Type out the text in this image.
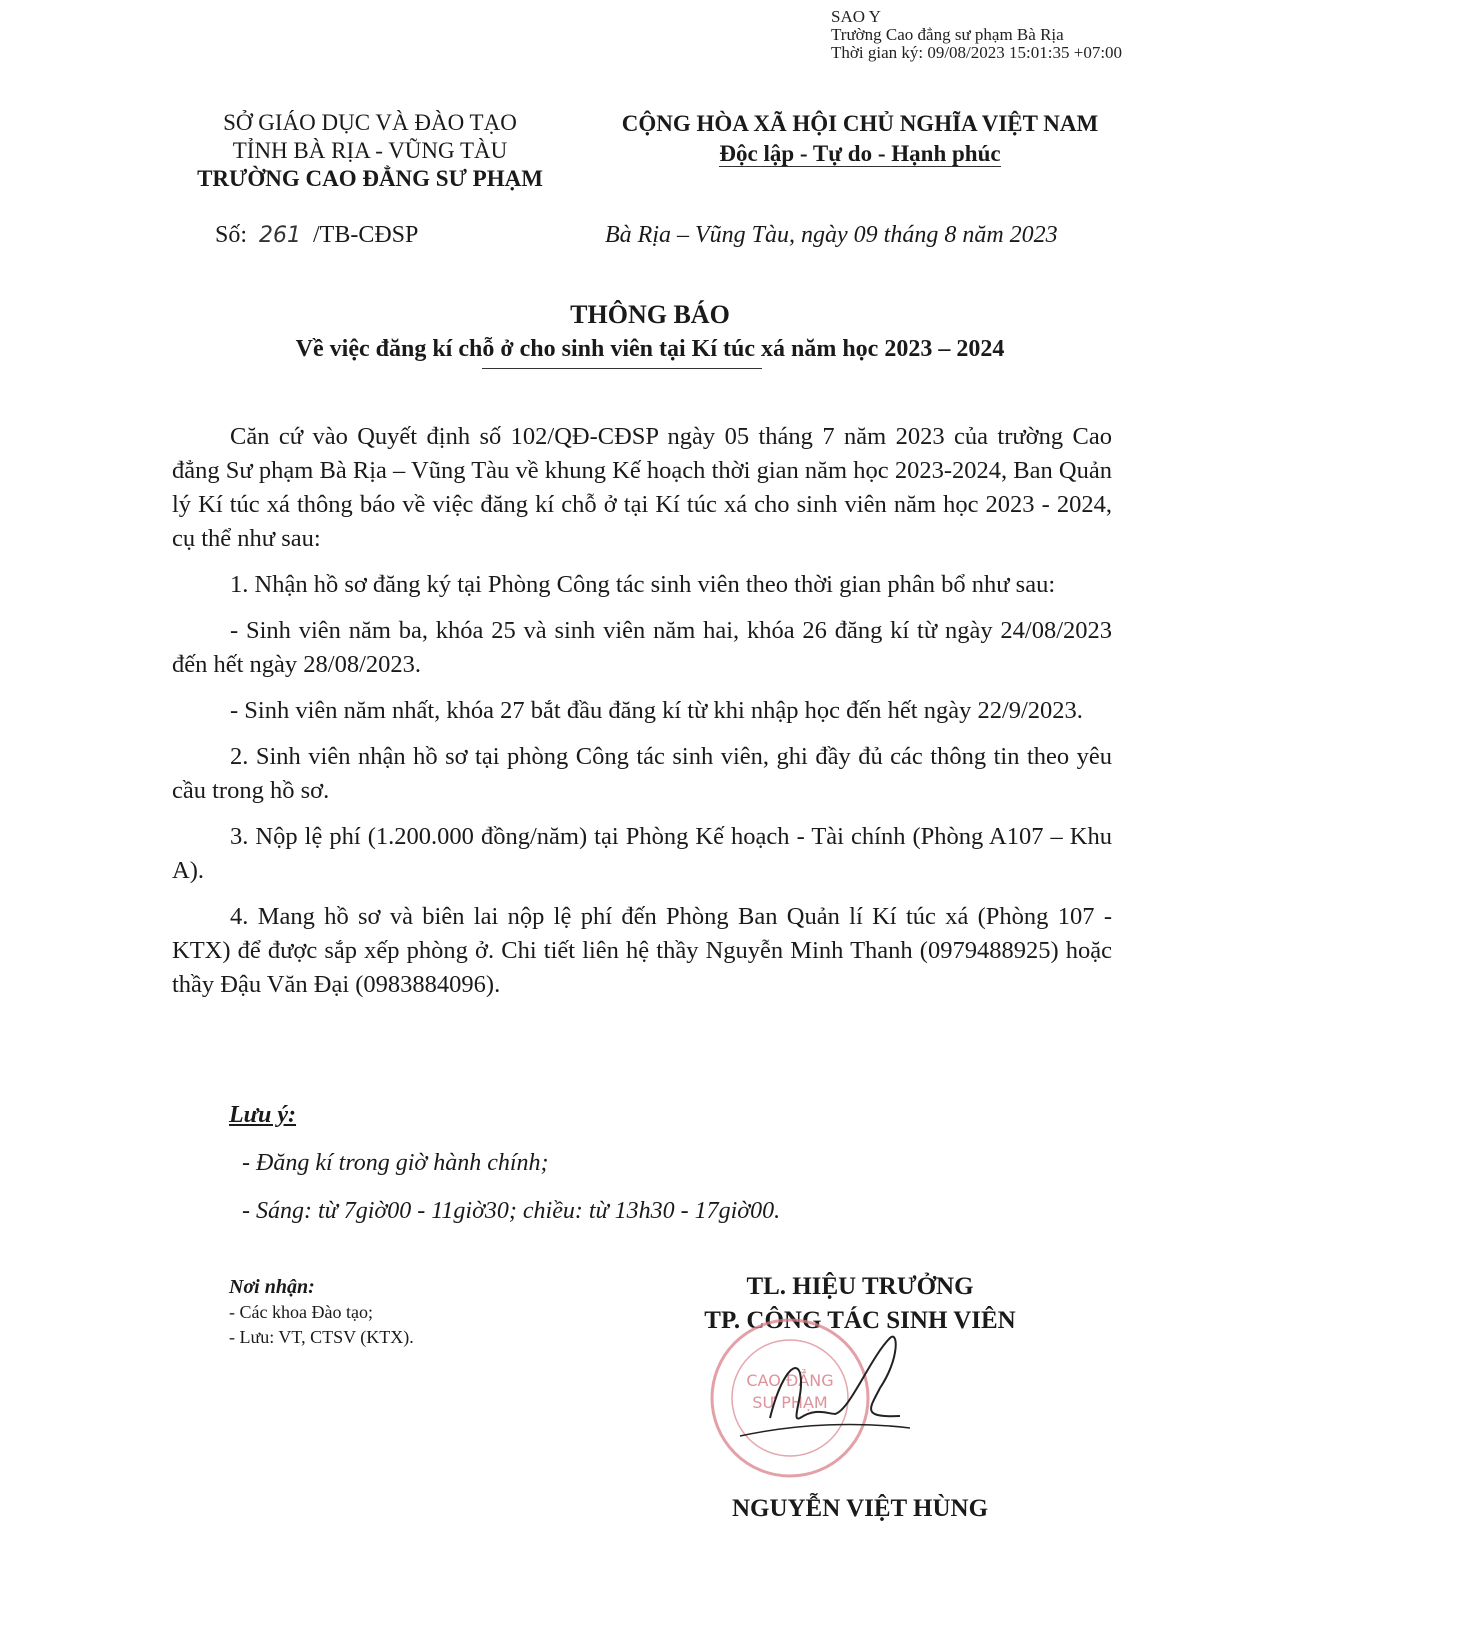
SAO Y
Trường Cao đẳng sư phạm Bà Rịa
Thời gian ký: 09/08/2023 15:01:35 +07:00
SỞ GIÁO DỤC VÀ ĐÀO TẠO
TỈNH BÀ RỊA - VŨNG TÀU
TRƯỜNG CAO ĐẲNG SƯ PHẠM
CỘNG HÒA XÃ HỘI CHỦ NGHĨA VIỆT NAM
Độc lập - Tự do - Hạnh phúc
Số: 261 /TB-CĐSP	Bà Rịa – Vũng Tàu, ngày 09 tháng 8 năm 2023
THÔNG BÁO
Về việc đăng kí chỗ ở cho sinh viên tại Kí túc xá năm học 2023 – 2024

Căn cứ vào Quyết định số 102/QĐ-CĐSP ngày 05 tháng 7 năm 2023 của trường Cao đẳng Sư phạm Bà Rịa – Vũng Tàu về khung Kế hoạch thời gian năm học 2023-2024, Ban Quản lý Kí túc xá thông báo về việc đăng kí chỗ ở tại Kí túc xá cho sinh viên năm học 2023 - 2024, cụ thể như sau:

1. Nhận hồ sơ đăng ký tại Phòng Công tác sinh viên theo thời gian phân bổ như sau:

- Sinh viên năm ba, khóa 25 và sinh viên năm hai, khóa 26 đăng kí từ ngày 24/08/2023 đến hết ngày 28/08/2023.

- Sinh viên năm nhất, khóa 27 bắt đầu đăng kí từ khi nhập học đến hết ngày 22/9/2023.

2. Sinh viên nhận hồ sơ tại phòng Công tác sinh viên, ghi đầy đủ các thông tin theo yêu cầu trong hồ sơ.

3. Nộp lệ phí (1.200.000 đồng/năm) tại Phòng Kế hoạch - Tài chính (Phòng A107 – Khu A).

4. Mang hồ sơ và biên lai nộp lệ phí đến Phòng Ban Quản lí Kí túc xá (Phòng 107 - KTX) để được sắp xếp phòng ở. Chi tiết liên hệ thầy Nguyễn Minh Thanh (0979488925) hoặc thầy Đậu Văn Đại (0983884096).

Lưu ý:
- Đăng kí trong giờ hành chính;
- Sáng: từ 7giờ00 - 11giờ30; chiều: từ 13h30 - 17giờ00.
Nơi nhận:
- Các khoa Đào tạo;
- Lưu: VT, CTSV (KTX).
TL. HIỆU TRƯỞNG
TP. CÔNG TÁC SINH VIÊN
CAO ĐẲNG
SƯ PHẠM
NGUYỄN VIỆT HÙNG
